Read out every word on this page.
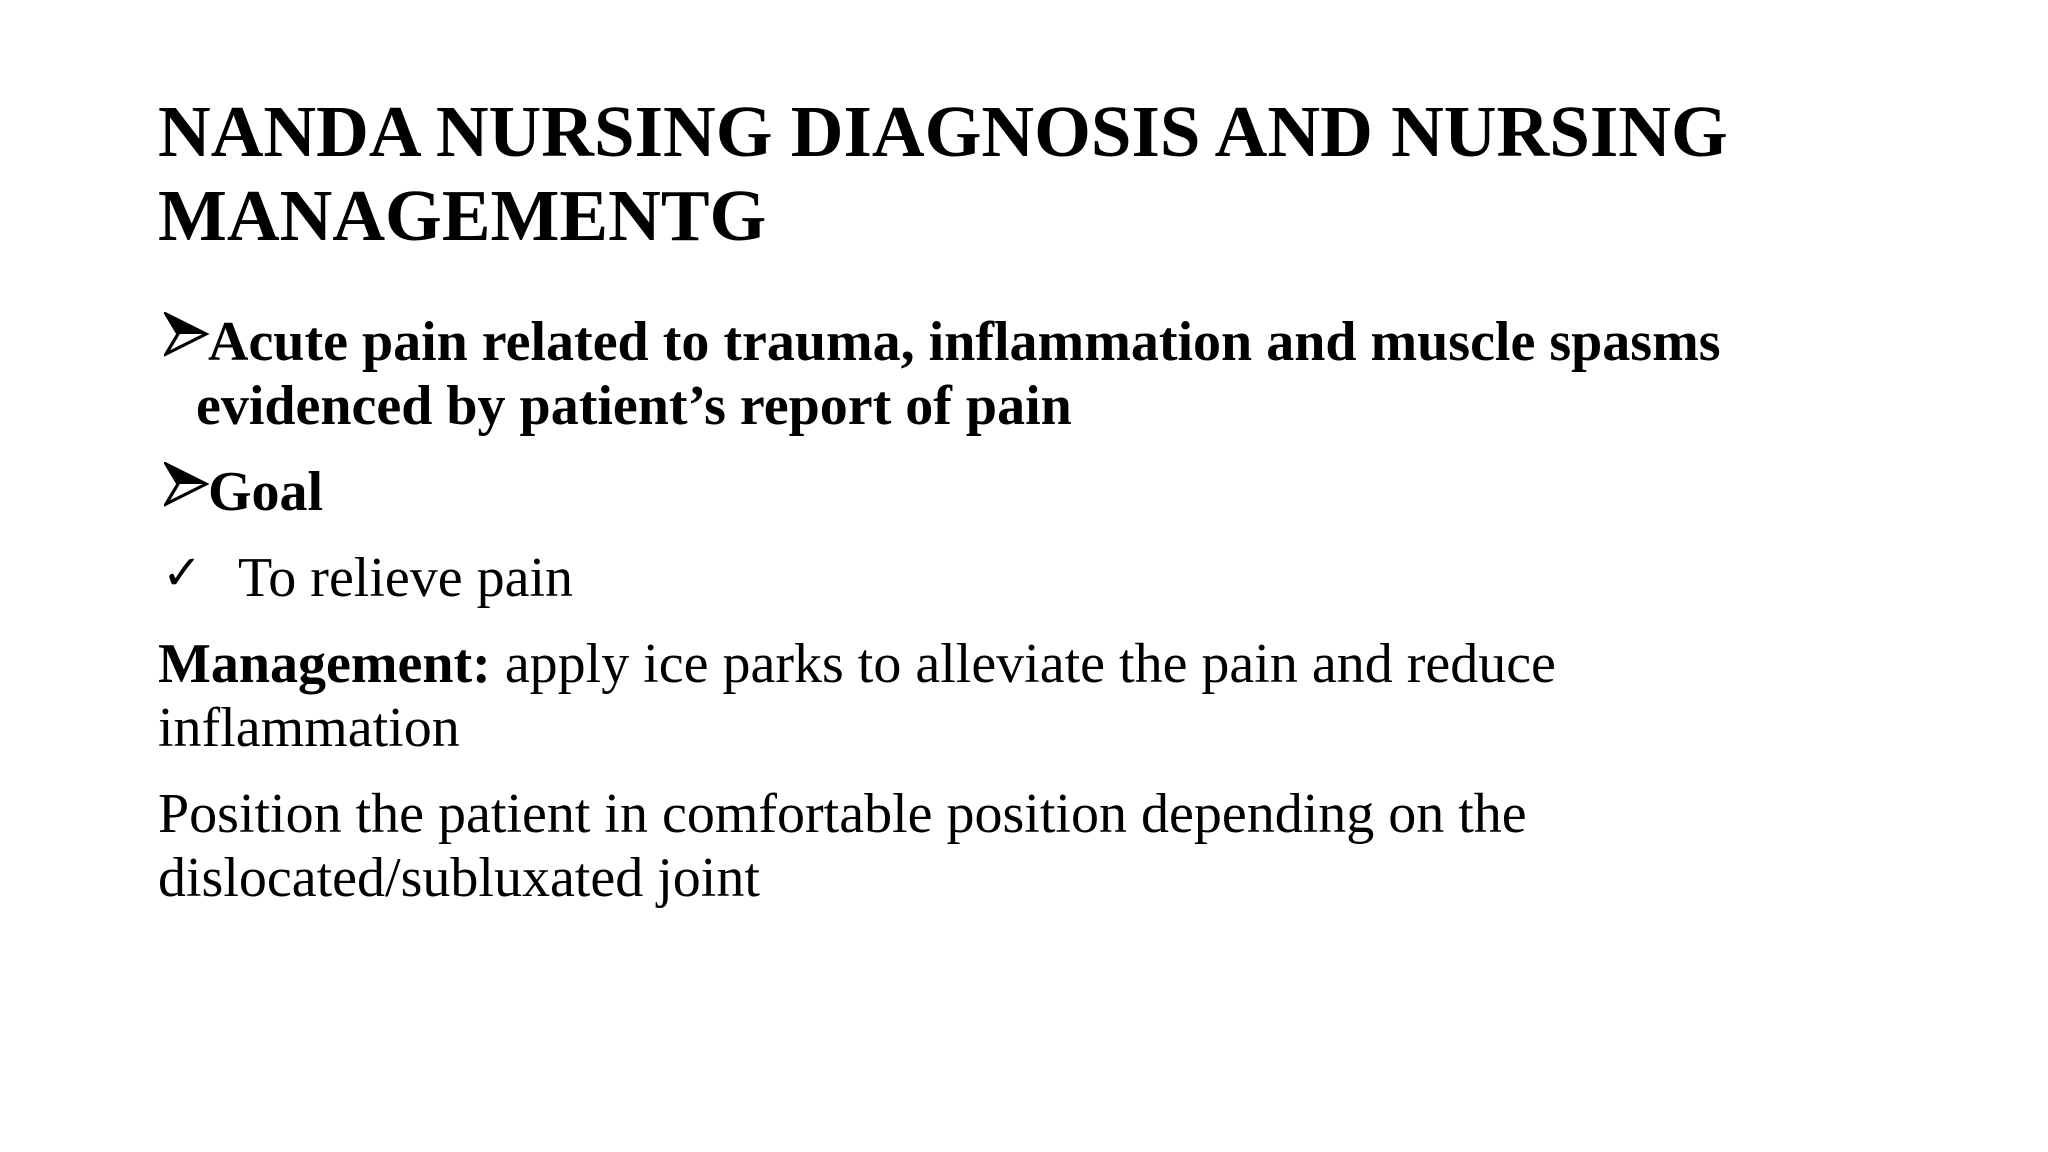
NANDA NURSING DIAGNOSIS AND NURSING
MANAGEMENTG
Acute pain related to trauma, inflammation and muscle spasms
evidenced by patient’s report of pain
Goal
✓ To relieve pain
Management: apply ice parks to alleviate the pain and reduce
inflammation
Position the patient in comfortable position depending on the
dislocated/subluxated joint
